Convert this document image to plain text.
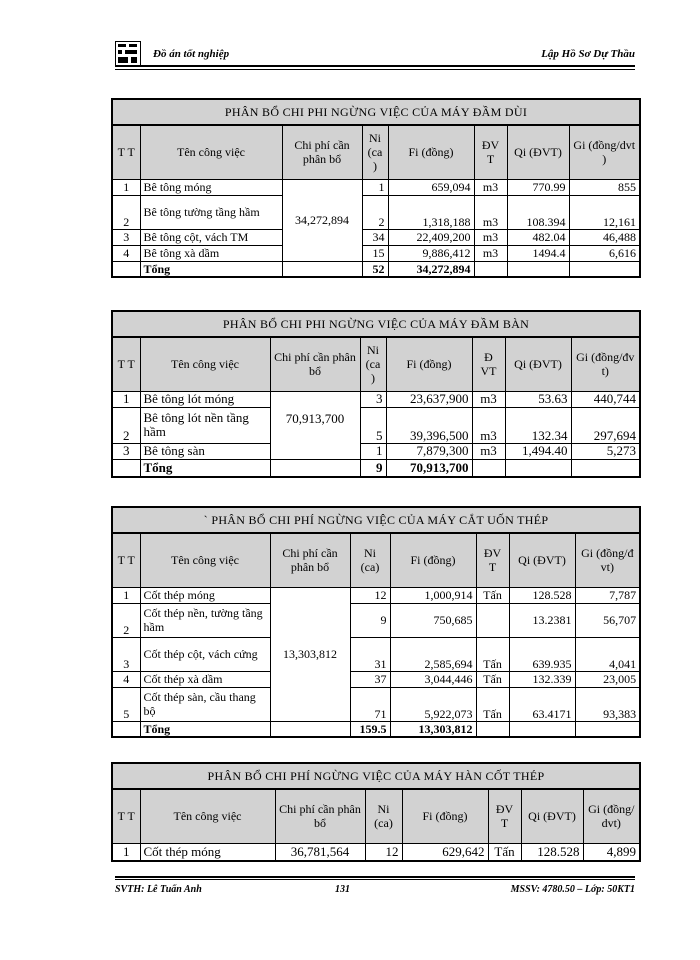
Đồ án tốt nghiệp	Lập Hồ Sơ Dự Thầu
PHÂN BỔ CHI PHI NGỪNG VIỆC CỦA MÁY ĐẦM DÙI							
T T	Tên công việc	Chi phí cần phân bổ	Ni (ca )	Fi (đồng)	ĐV T	Qi (ĐVT)	Gi (đồng/dvt )
1	Bê tông móng	34,272,894	1	659,094	m3	770.99	855
2	Bê tông tường tầng hầm		2	1,318,188	m3	108.394	12,161
3	Bê tông cột, vách TM		34	22,409,200	m3	482.04	46,488
4	Bê tông xà dầm		15	9,886,412	m3	1494.4	6,616
	Tổng		52	34,272,894			
PHÂN BỔ CHI PHI NGỪNG VIỆC CỦA MÁY ĐẦM BÀN							
T T	Tên công việc	Chi phí cần phân bổ	Ni (ca )	Fi (đồng)	Đ VT	Qi (ĐVT)	Gi (đồng/đv t)
1	Bê tông lót móng	70,913,700	3	23,637,900	m3	53.63	440,744
2	Bê tông lót nền tầng hầm		5	39,396,500	m3	132.34	297,694
3	Bê tông sàn		1	7,879,300	m3	1,494.40	5,273
	Tổng		9	70,913,700			
` PHÂN BỔ CHI PHÍ NGỪNG VIỆC CỦA MÁY CẮT UỐN THÉP							
T T	Tên công việc	Chi phí cần phân bổ	Ni (ca)	Fi (đồng)	ĐV T	Qi (ĐVT)	Gi (đồng/đ vt)
1	Cốt thép móng	13,303,812	12	1,000,914	Tấn	128.528	7,787
2	Cốt thép nền, tường tầng hầm		9	750,685		13.2381	56,707
3	Cốt thép cột, vách cứng		31	2,585,694	Tấn	639.935	4,041
4	Cốt thép xà dầm		37	3,044,446	Tấn	132.339	23,005
5	Cốt thép sàn, cầu thang bộ		71	5,922,073	Tấn	63.4171	93,383
	Tổng		159.5	13,303,812			
PHÂN BỔ CHI PHÍ NGỪNG VIỆC CỦA MÁY HÀN CỐT THÉP							
T T	Tên công việc	Chi phí cần phân bổ	Ni (ca)	Fi (đồng)	ĐV T	Qi (ĐVT)	Gi (đồng/ dvt)
1	Cốt thép móng	36,781,564	12	629,642	Tấn	128.528	4,899
SVTH: Lê Tuấn Anh	131	MSSV: 4780.50 – Lớp: 50KT1
